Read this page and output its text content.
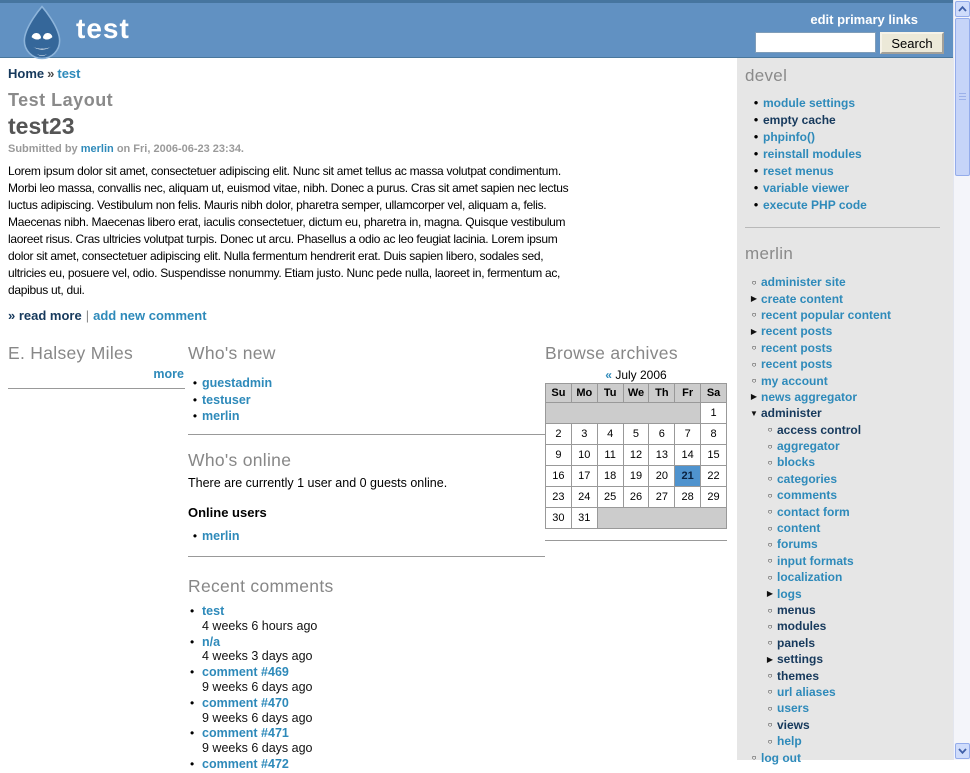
test	edit primary links
Search
Home » test
Test Layout
test23
Submitted by merlin on Fri, 2006-06-23 23:34.
Lorem ipsum dolor sit amet, consectetuer adipiscing elit. Nunc sit amet tellus ac massa volutpat condimentum.
Morbi leo massa, convallis nec, aliquam ut, euismod vitae, nibh. Donec a purus. Cras sit amet sapien nec lectus
luctus adipiscing. Vestibulum non felis. Mauris nibh dolor, pharetra semper, ullamcorper vel, aliquam a, felis.
Maecenas nibh. Maecenas libero erat, iaculis consectetuer, dictum eu, pharetra in, magna. Quisque vestibulum
laoreet risus. Cras ultricies volutpat turpis. Donec ut arcu. Phasellus a odio ac leo feugiat lacinia. Lorem ipsum
dolor sit amet, consectetuer adipiscing elit. Nulla fermentum hendrerit erat. Duis sapien libero, sodales sed,
ultricies eu, posuere vel, odio. Suspendisse nonummy. Etiam justo. Nunc pede nulla, laoreet in, fermentum ac,
dapibus ut, dui.
» read more | add new comment
E. Halsey Miles
more
Who's new
• guestadmin
• testuser
• merlin
Who's online

There are currently 1 user and 0 guests online.

Online users
• merlin
Recent comments
• test
4 weeks 6 hours ago
• n/a
4 weeks 3 days ago
• comment #469
9 weeks 6 days ago
• comment #470
9 weeks 6 days ago
• comment #471
9 weeks 6 days ago
• comment #472
Browse archives
« July 2006
Su	Mo	Tu	We	Th	Fr	Sa
						1
2	3	4	5	6	7	8
9	10	11	12	13	14	15
16	17	18	19	20	21	22
23	24	25	26	27	28	29
30	31					
devel
• module settings
• empty cache
• phpinfo()
• reinstall modules
• reset menus
• variable viewer
• execute PHP code
merlin
○ administer site
▶ create content
○ recent popular content
▶ recent posts
○ recent posts
○ recent posts
○ my account
▶ news aggregator
▼ administer
○ access control
○ aggregator
○ blocks
○ categories
○ comments
○ contact form
○ content
○ forums
○ input formats
○ localization
▶ logs
○ menus
○ modules
○ panels
▶ settings
○ themes
○ url aliases
○ users
○ views
○ help
○ log out
